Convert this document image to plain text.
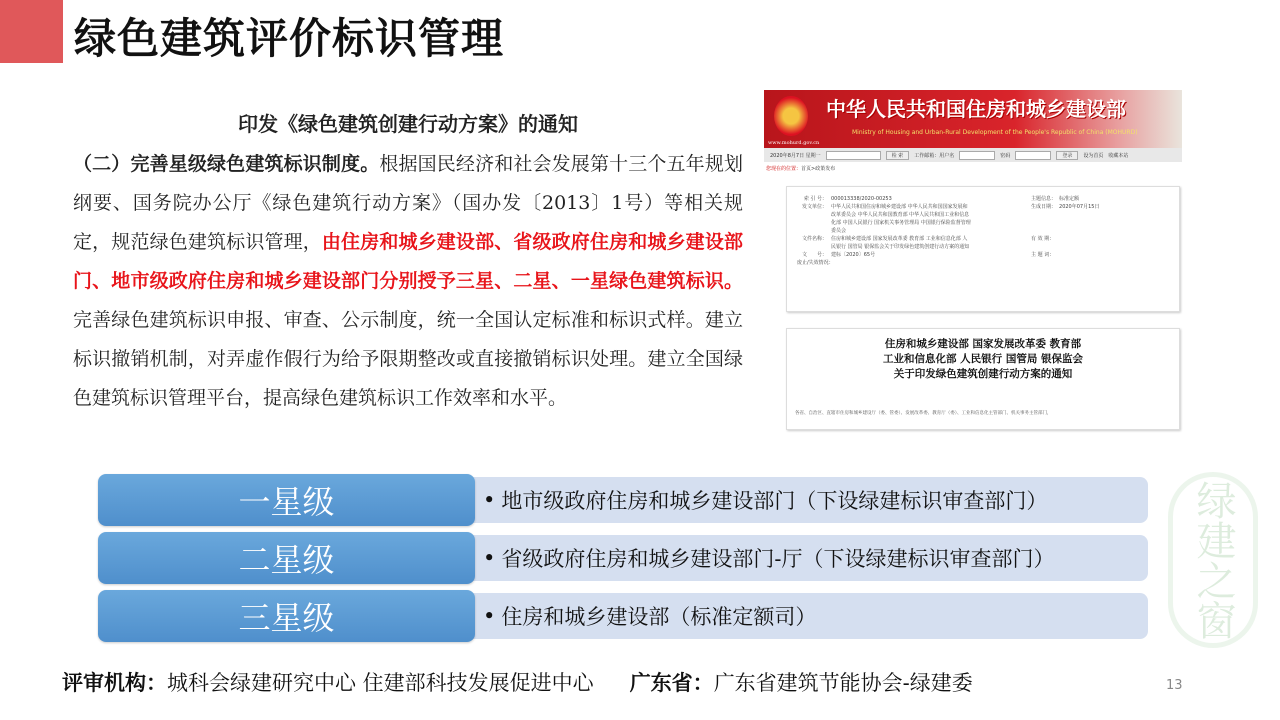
绿色建筑评价标识管理
印发《绿色建筑创建行动方案》的通知
（二）完善星级绿色建筑标识制度。根据国民经济和社会发展第十三个五年规划纲要、国务院办公厅《绿色建筑行动方案》（国办发〔2013〕1号）等相关规定，规范绿色建筑标识管理，由住房和城乡建设部、省级政府住房和城乡建设部门、地市级政府住房和城乡建设部门分别授予三星、二星、一星绿色建筑标识。完善绿色建筑标识申报、审查、公示制度，统一全国认定标准和标识式样。建立标识撤销机制，对弄虚作假行为给予限期整改或直接撤销标识处理。建立全国绿色建筑标识管理平台，提高绿色建筑标识工作效率和水平。
中华人民共和国住房和城乡建设部
Ministry of Housing and Urban-Rural Development of the People's Republic of China (MOHURD)
www.mohurd.gov.cn
2020年8月7日 星期一	检 索	工作邮箱：用户名	密码	登录	设为首页 收藏本站
您现在的位置：首页>政策发布
索 引 号： 000013338/2020-00253	主题信息： 标准定额
发文单位： 中华人民共和国住房和城乡建设部 中华人民共和国国家发展和改革委员会 中华人民共和国教育部 中华人民共和国工业和信息化部 中国人民银行 国家机关事务管理局 中国银行保险监督管理委员会
生成日期： 2020年07月15日
文件名称： 住房和城乡建设部 国家发展改革委 教育部 工业和信息化部 人民银行 国管局 银保监会关于印发绿色建筑创建行动方案的通知
有 效 期：
文　　号： 建标〔2020〕65号	主 题 词：
废止/失效情况：
住房和城乡建设部 国家发展改革委 教育部
工业和信息化部 人民银行 国管局 银保监会
关于印发绿色建筑创建行动方案的通知
各省、自治区、直辖市住房和城乡建设厅（委、管委）、发展改革委、教育厅（委）、工业和信息化主管部门、机关事务主管部门，
一星级	• 地市级政府住房和城乡建设部门（下设绿建标识审查部门）
二星级	• 省级政府住房和城乡建设部门-厅（下设绿建标识审查部门）
三星级	• 住房和城乡建设部（标准定额司）	绿建之窗
评审机构：城科会绿建研究中心 住建部科技发展促进中心 广东省：广东省建筑节能协会-绿建委	13
